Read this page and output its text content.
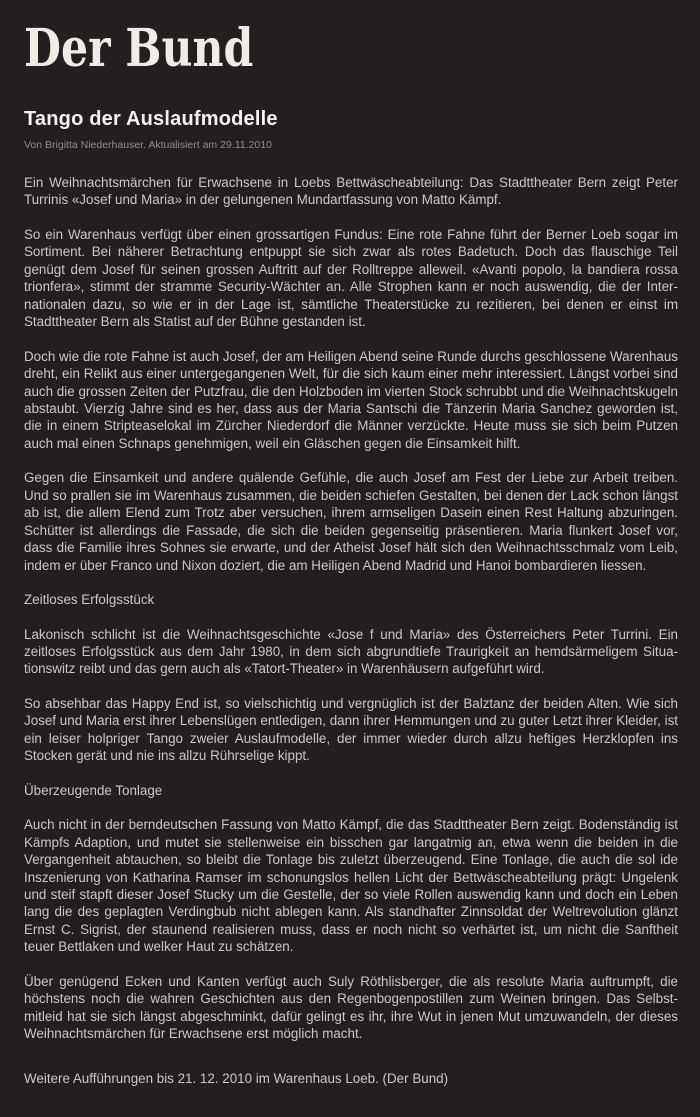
Der Bund
Tango der Auslaufmodelle
Von Brigitta Niederhauser. Aktualisiert am 29.11.2010

Ein Weihnachtsmärchen für Erwachsene in Loebs Bettwäscheabteilung: Das Stadttheater Bern zeigt Peter Turrinis «Josef und Maria» in der gelungenen Mundartfassung von Matto Kämpf.

So ein Warenhaus verfügt über einen grossartigen Fundus: Eine rote Fahne führt der Berner Loeb sogar im Sortiment. Bei näherer Betrachtung entpuppt sie sich zwar als rotes Badetuch. Doch das flauschige Teil genügt dem Josef für seinen grossen Auftritt auf der Rolltreppe alleweil. «Avanti popolo, la bandiera rossa trionfera», stimmt der stramme Security-Wächter an. Alle Strophen kann er noch auswendig, die der Internationalen dazu, so wie er in der Lage ist, sämtliche Theaterstücke zu rezitieren, bei denen er einst im Stadttheater Bern als Statist auf der Bühne gestanden ist.

Doch wie die rote Fahne ist auch Josef, der am Heiligen Abend seine Runde durchs geschlossene Warenhaus dreht, ein Relikt aus einer untergegangenen Welt, für die sich kaum einer mehr interessiert. Längst vorbei sind auch die grossen Zeiten der Putzfrau, die den Holzboden im vierten Stock schrubbt und die Weihnachtskugeln abstaubt. Vierzig Jahre sind es her, dass aus der Maria Santschi die Tänzerin Maria Sanchez geworden ist, die in einem Stripteaselokal im Zürcher Niederdorf die Männer verzückte. Heute muss sie sich beim Putzen auch mal einen Schnaps genehmigen, weil ein Gläschen gegen die Einsamkeit hilft.

Gegen die Einsamkeit und andere quälende Gefühle, die auch Josef am Fest der Liebe zur Arbeit treiben. Und so prallen sie im Warenhaus zusammen, die beiden schiefen Gestalten, bei denen der Lack schon längst ab ist, die allem Elend zum Trotz aber versuchen, ihrem armseligen Dasein einen Rest Haltung abzuringen. Schütter ist allerdings die Fassade, die sich die beiden gegenseitig präsentieren. Maria flunkert Josef vor, dass die Familie ihres Sohnes sie erwarte, und der Atheist Josef hält sich den Weihnachtsschmalz vom Leib, indem er über Franco und Nixon doziert, die am Heiligen Abend Madrid und Hanoi bombardieren liessen.

Zeitloses Erfolgsstück

Lakonisch schlicht ist die Weihnachtsgeschichte «Jose f und Maria» des Österreichers Peter Turrini. Ein zeitloses Erfolgsstück aus dem Jahr 1980, in dem sich abgrundtiefe Traurigkeit an hemdsärmeligem Situationswitz reibt und das gern auch als «Tatort-Theater» in Warenhäusern aufgeführt wird.

So absehbar das Happy End ist, so vielschichtig und vergnüglich ist der Balztanz der beiden Alten. Wie sich Josef und Maria erst ihrer Lebenslügen entledigen, dann ihrer Hemmungen und zu guter Letzt ihrer Kleider, ist ein leiser holpriger Tango zweier Auslaufmodelle, der immer wieder durch allzu heftiges Herzklopfen ins Stocken gerät und nie ins allzu Rührselige kippt.

Überzeugende Tonlage

Auch nicht in der berndeutschen Fassung von Matto Kämpf, die das Stadttheater Bern zeigt. Bodenständig ist Kämpfs Adaption, und mutet sie stellenweise ein bisschen gar langatmig an, etwa wenn die beiden in die Vergangenheit abtauchen, so bleibt die Tonlage bis zuletzt überzeugend. Eine Tonlage, die auch die sol ide Inszenierung von Katharina Ramser im schonungslos hellen Licht der Bettwäscheabteilung prägt: Ungelenk und steif stapft dieser Josef Stucky um die Gestelle, der so viele Rollen auswendig kann und doch ein Leben lang die des geplagten Verdingbub nicht ablegen kann. Als standhafter Zinnsoldat der Weltrevolution glänzt Ernst C. Sigrist, der staunend realisieren muss, dass er noch nicht so verhärtet ist, um nicht die Sanftheit teuer Bettlaken und welker Haut zu schätzen.

Über genügend Ecken und Kanten verfügt auch Suly Röthlisberger, die als resolute Maria auftrumpft, die höchstens noch die wahren Geschichten aus den Regenbogenpostillen zum Weinen bringen. Das Selbstmitleid hat sie sich längst abgeschminkt, dafür gelingt es ihr, ihre Wut in jenen Mut umzuwandeln, der dieses Weihnachtsmärchen für Erwachsene erst möglich macht.

Weitere Aufführungen bis 21. 12. 2010 im Warenhaus Loeb. (Der Bund)
